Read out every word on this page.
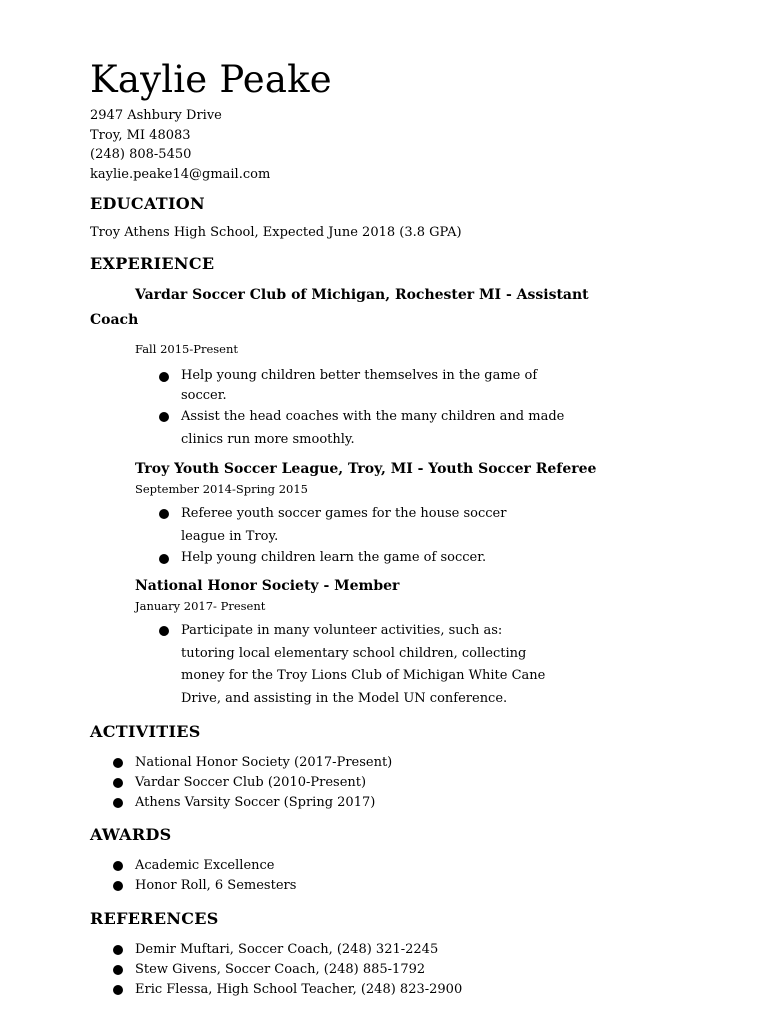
Kaylie Peake
2947 Ashbury Drive
Troy, MI 48083
(248) 808-5450
kaylie.peake14@gmail.com
EDUCATION
Troy Athens High School, Expected June 2018 (3.8 GPA)
EXPERIENCE
Vardar Soccer Club of Michigan, Rochester MI - Assistant
Coach
Fall 2015-Present
Help young children better themselves in the game of soccer.
Assist the head coaches with the many children and made clinics run more smoothly.
Troy Youth Soccer League, Troy, MI - Youth Soccer Referee
September 2014-Spring 2015
Referee youth soccer games for the house soccer league in Troy.
Help young children learn the game of soccer.
National Honor Society - Member
January 2017- Present
Participate in many volunteer activities, such as: tutoring local elementary school children, collecting money for the Troy Lions Club of Michigan White Cane Drive, and assisting in the Model UN conference.
ACTIVITIES
National Honor Society (2017-Present)
Vardar Soccer Club (2010-Present)
Athens Varsity Soccer (Spring 2017)
AWARDS
Academic Excellence
Honor Roll, 6 Semesters
REFERENCES
Demir Muftari, Soccer Coach, (248) 321-2245
Stew Givens, Soccer Coach, (248) 885-1792
Eric Flessa, High School Teacher, (248) 823-2900
